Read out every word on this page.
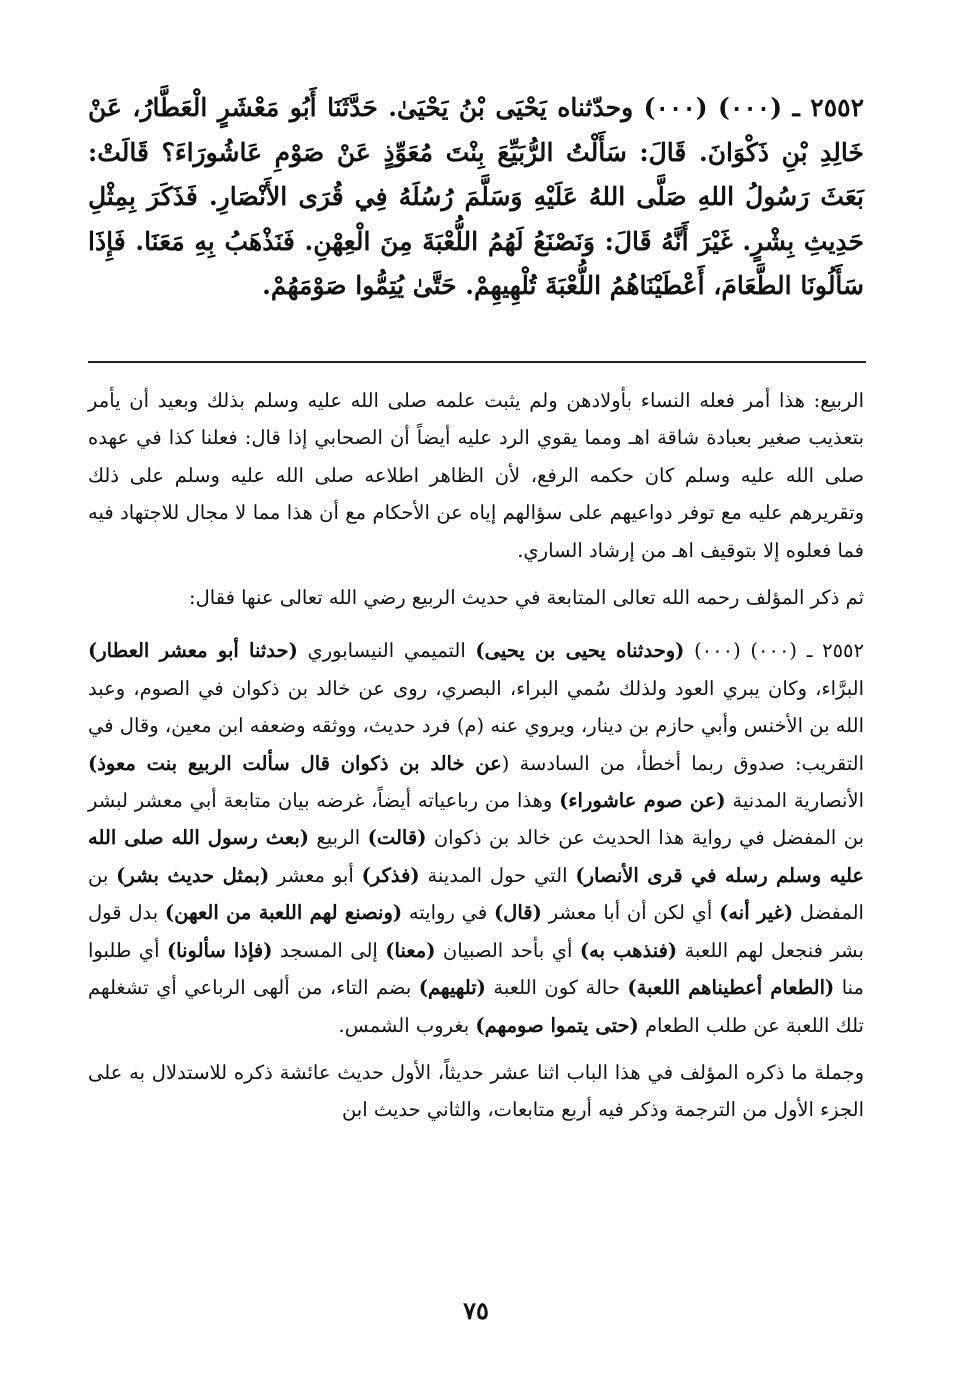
٢٥٥٢ ـ (٠٠٠) (٠٠٠) وحدّثناه يَحْيَى بْنُ يَحْيَىٰ. حَدَّثَنَا أَبُو مَعْشَرٍ الْعَطَّارُ، عَنْ خَالِدِ بْنِ ذَكْوَانَ. قَالَ: سَأَلْتُ الرُّبَيِّعَ بِنْتَ مُعَوِّذٍ عَنْ صَوْمِ عَاشُورَاءَ؟ قَالَتْ: بَعَثَ رَسُولُ اللهِ صَلَّى اللهُ عَلَيْهِ وَسَلَّمَ رُسُلَهُ فِي قُرَى الأَنْصَارِ. فَذَكَرَ بِمِثْلِ حَدِيثِ بِشْرٍ. غَيْرَ أَنَّهُ قَالَ: وَنَصْنَعُ لَهُمُ اللُّعْبَةَ مِنَ الْعِهْنِ. فَنَذْهَبُ بِهِ مَعَنَا. فَإِذَا سَأَلُونَا الطَّعَامَ، أَعْطَيْنَاهُمُ اللُّعْبَةَ تُلْهِيهِمْ. حَتَّىٰ يُتِمُّوا صَوْمَهُمْ.

الربيع: هذا أمر فعله النساء بأولادهن ولم يثبت علمه صلى الله عليه وسلم بذلك وبعيد أن يأمر بتعذيب صغير بعبادة شاقة اهـ ومما يقوي الرد عليه أيضاً أن الصحابي إذا قال: فعلنا كذا في عهده صلى الله عليه وسلم كان حكمه الرفع، لأن الظاهر اطلاعه صلى الله عليه وسلم على ذلك وتقريرهم عليه مع توفر دواعيهم على سؤالهم إياه عن الأحكام مع أن هذا مما لا مجال للاجتهاد فيه فما فعلوه إلا بتوقيف اهـ من إرشاد الساري.

ثم ذكر المؤلف رحمه الله تعالى المتابعة في حديث الربيع رضي الله تعالى عنها فقال:

٢٥٥٢ ـ (٠٠٠) (٠٠٠) (وحدثناه يحيى بن يحيى) التميمي النيسابوري (حدثنا أبو معشر العطار) البرَّاء، وكان يبري العود ولذلك سُمي البراء، البصري، روى عن خالد بن ذكوان في الصوم، وعبد الله بن الأخنس وأبي حازم بن دينار، ويروي عنه (م) فرد حديث، ووثقه وضعفه ابن معين، وقال في التقريب: صدوق ربما أخطأ، من السادسة (عن خالد بن ذكوان قال سألت الربيع بنت معوذ) الأنصارية المدنية (عن صوم عاشوراء) وهذا من رباعياته أيضاً، غرضه بيان متابعة أبي معشر لبشر بن المفضل في رواية هذا الحديث عن خالد بن ذكوان (قالت) الربيع (بعث رسول الله صلى الله عليه وسلم رسله في قرى الأنصار) التي حول المدينة (فذكر) أبو معشر (بمثل حديث بشر) بن المفضل (غير أنه) أي لكن أن أبا معشر (قال) في روايته (ونصنع لهم اللعبة من العهن) بدل قول بشر فنجعل لهم اللعبة (فنذهب به) أي بأحد الصبيان (معنا) إلى المسجد (فإذا سألونا) أي طلبوا منا (الطعام أعطيناهم اللعبة) حالة كون اللعبة (تلهيهم) بضم التاء، من ألهى الرباعي أي تشغلهم تلك اللعبة عن طلب الطعام (حتى يتموا صومهم) بغروب الشمس.

وجملة ما ذكره المؤلف في هذا الباب اثنا عشر حديثاً، الأول حديث عائشة ذكره للاستدلال به على الجزء الأول من الترجمة وذكر فيه أربع متابعات، والثاني حديث ابن

٧٥
